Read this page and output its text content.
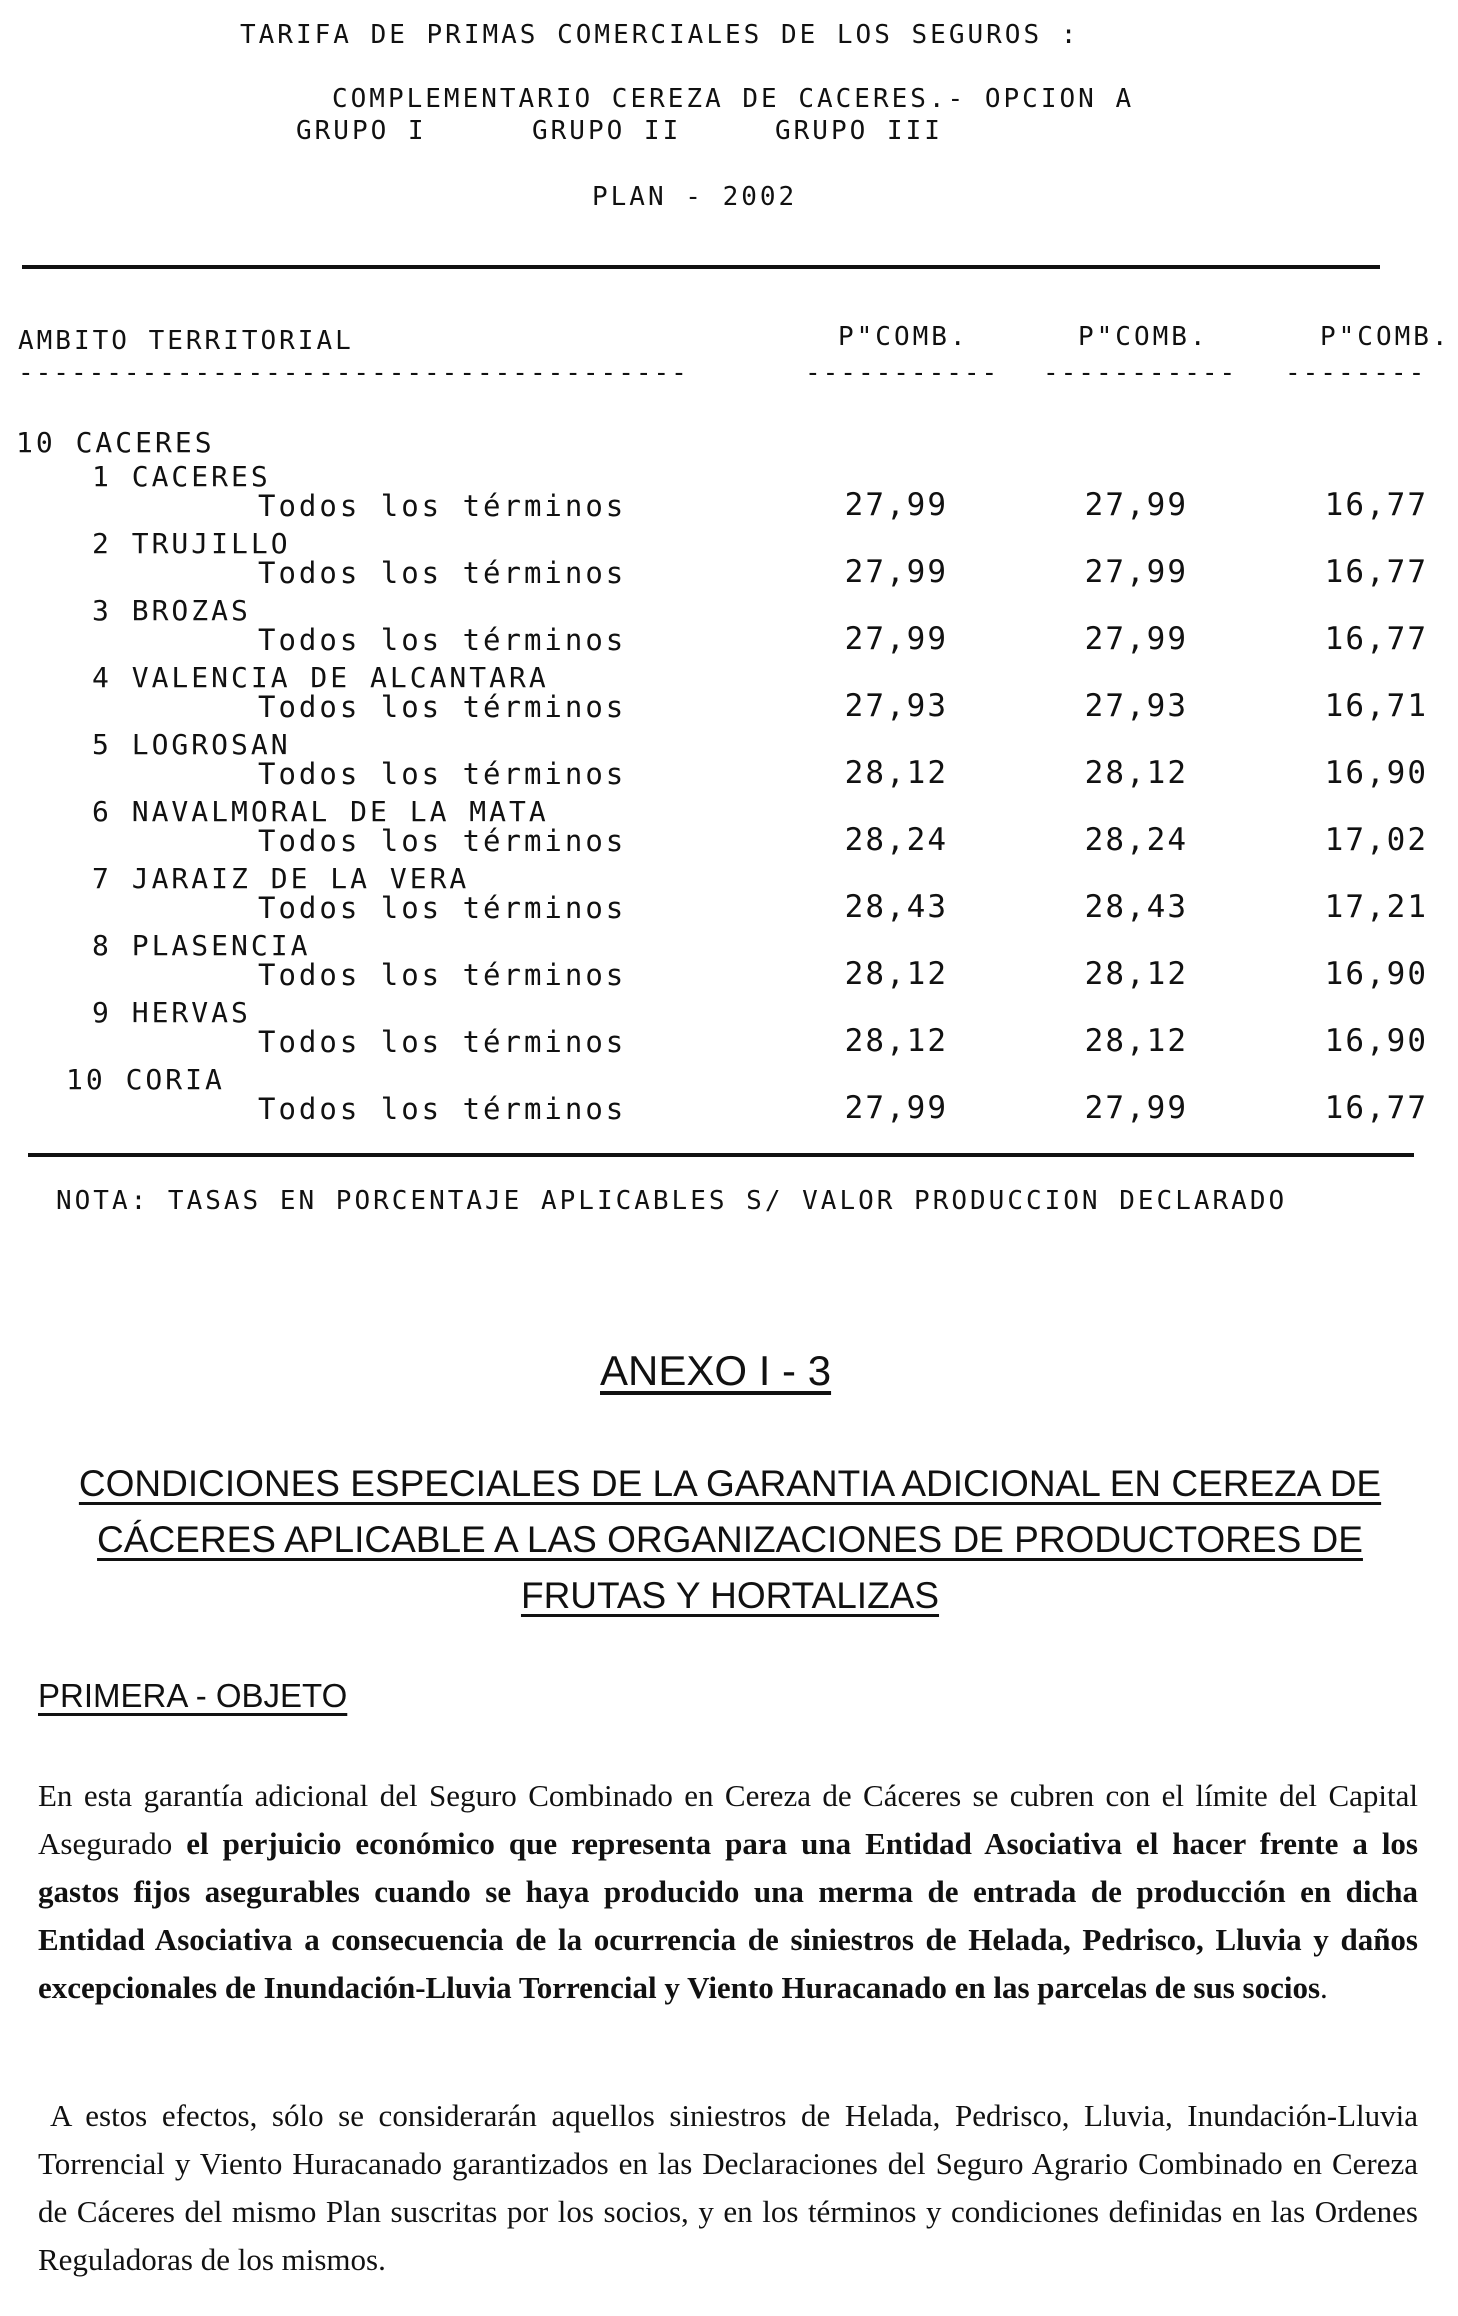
TARIFA DE PRIMAS COMERCIALES DE LOS SEGUROS :
COMPLEMENTARIO CEREZA DE CACERES.- OPCION A
GRUPO I	GRUPO II	GRUPO III
PLAN - 2002
AMBITO TERRITORIAL	P"COMB.	P"COMB.	P"COMB.
--------------------------------------	----------- ----------- --------
10 CACERES
1 CACERES
Todos los términos	27,99	27,99	16,77
2 TRUJILLO
Todos los términos	27,99	27,99	16,77
3 BROZAS
Todos los términos	27,99	27,99	16,77
4 VALENCIA DE ALCANTARA
Todos los términos	27,93	27,93	16,71
5 LOGROSAN
Todos los términos	28,12	28,12	16,90
6 NAVALMORAL DE LA MATA
Todos los términos	28,24	28,24	17,02
7 JARAIZ DE LA VERA
Todos los términos	28,43	28,43	17,21
8 PLASENCIA
Todos los términos	28,12	28,12	16,90
9 HERVAS
Todos los términos	28,12	28,12	16,90
10 CORIA
Todos los términos	27,99	27,99	16,77
NOTA: TASAS EN PORCENTAJE APLICABLES S/ VALOR PRODUCCION DECLARADO
ANEXO I - 3
CONDICIONES ESPECIALES DE LA GARANTIA ADICIONAL EN CEREZA DE CÁCERES APLICABLE A LAS ORGANIZACIONES DE PRODUCTORES DE FRUTAS Y HORTALIZAS
PRIMERA - OBJETO
En esta garantía adicional del Seguro Combinado en Cereza de Cáceres se cubren con el límite del Capital Asegurado el perjuicio económico que representa para una Entidad Asociativa el hacer frente a los gastos fijos asegurables cuando se haya producido una merma de entrada de producción en dicha Entidad Asociativa a consecuencia de la ocurrencia de siniestros de Helada, Pedrisco, Lluvia y daños excepcionales de Inundación-Lluvia Torrencial y Viento Huracanado en las parcelas de sus socios.
A estos efectos, sólo se considerarán aquellos siniestros de Helada, Pedrisco, Lluvia, Inundación-Lluvia Torrencial y Viento Huracanado garantizados en las Declaraciones del Seguro Agrario Combinado en Cereza de Cáceres del mismo Plan suscritas por los socios, y en los términos y condiciones definidas en las Ordenes Reguladoras de los mismos.
